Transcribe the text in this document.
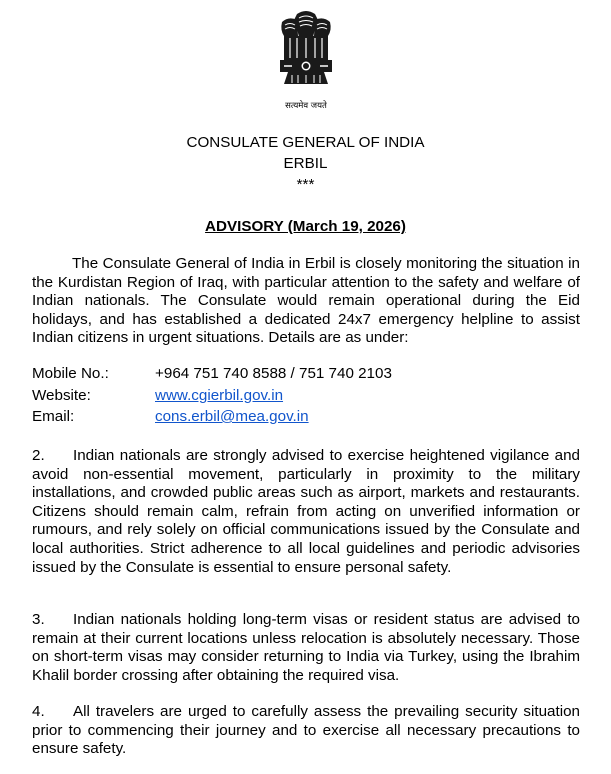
सत्यमेव जयते
CONSULATE GENERAL OF INDIA
ERBIL
***
ADVISORY (March 19, 2026)

The Consulate General of India in Erbil is closely monitoring the situation in the Kurdistan Region of Iraq, with particular attention to the safety and welfare of Indian nationals. The Consulate would remain operational during the Eid holidays, and has established a dedicated 24x7 emergency helpline to assist Indian citizens in urgent situations. Details are as under:

Mobile No.:	+964 751 740 8588 / 751 740 2103
Website:	www.cgierbil.gov.in
Email:	cons.erbil@mea.gov.in

2. Indian nationals are strongly advised to exercise heightened vigilance and avoid non-essential movement, particularly in proximity to the military installations, and crowded public areas such as airport, markets and restaurants. Citizens should remain calm, refrain from acting on unverified information or rumours, and rely solely on official communications issued by the Consulate and local authorities. Strict adherence to all local guidelines and periodic advisories issued by the Consulate is essential to ensure personal safety.

3. Indian nationals holding long-term visas or resident status are advised to remain at their current locations unless relocation is absolutely necessary. Those on short-term visas may consider returning to India via Turkey, using the Ibrahim Khalil border crossing after obtaining the required visa.

4. All travelers are urged to carefully assess the prevailing security situation prior to commencing their journey and to exercise all necessary precautions to ensure safety.
